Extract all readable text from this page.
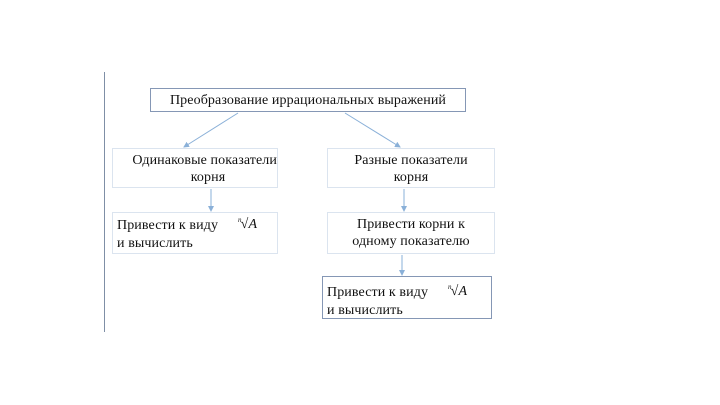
Преобразование иррациональных выражений
Одинаковые показатели
корня
Разные показатели
корня
Привести к виду	$^n$√A
и вычислить
Привести корни к
одному показателю
Привести к виду	$^n$√A
и вычислить
